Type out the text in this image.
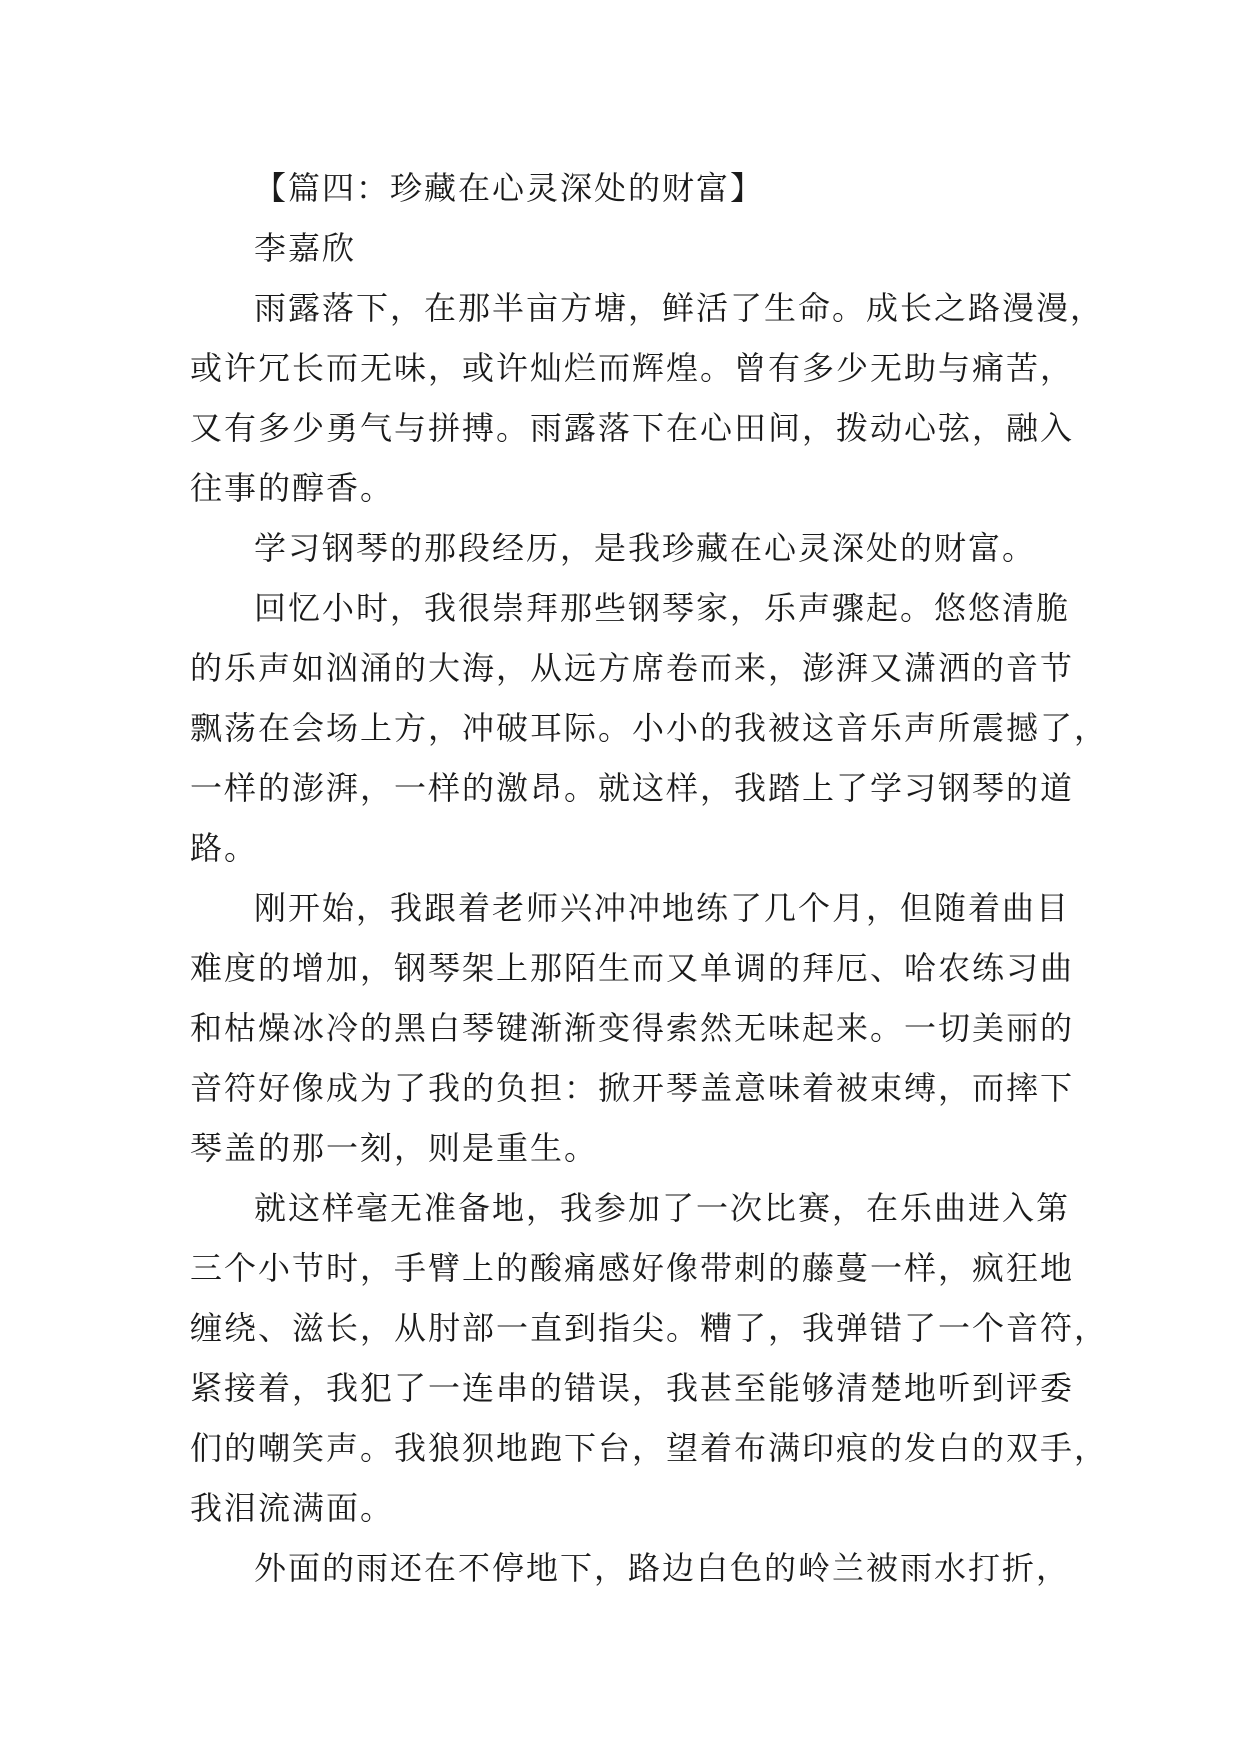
【篇四：珍藏在心灵深处的财富】
李嘉欣
雨露落下，在那半亩方塘，鲜活了生命。成长之路漫漫，
或许冗长而无味，或许灿烂而辉煌。曾有多少无助与痛苦，
又有多少勇气与拼搏。雨露落下在心田间，拨动心弦，融入
往事的醇香。
学习钢琴的那段经历，是我珍藏在心灵深处的财富。
回忆小时，我很崇拜那些钢琴家，乐声骤起。悠悠清脆
的乐声如汹涌的大海，从远方席卷而来，澎湃又潇洒的音节
飘荡在会场上方，冲破耳际。小小的我被这音乐声所震撼了，
一样的澎湃，一样的激昂。就这样，我踏上了学习钢琴的道
路。
刚开始，我跟着老师兴冲冲地练了几个月，但随着曲目
难度的增加，钢琴架上那陌生而又单调的拜厄、哈农练习曲
和枯燥冰冷的黑白琴键渐渐变得索然无味起来。一切美丽的
音符好像成为了我的负担：掀开琴盖意味着被束缚，而摔下
琴盖的那一刻，则是重生。
就这样毫无准备地，我参加了一次比赛，在乐曲进入第
三个小节时，手臂上的酸痛感好像带刺的藤蔓一样，疯狂地
缠绕、滋长，从肘部一直到指尖。糟了，我弹错了一个音符，
紧接着，我犯了一连串的错误，我甚至能够清楚地听到评委
们的嘲笑声。我狼狈地跑下台，望着布满印痕的发白的双手，
我泪流满面。
外面的雨还在不停地下，路边白色的岭兰被雨水打折，
